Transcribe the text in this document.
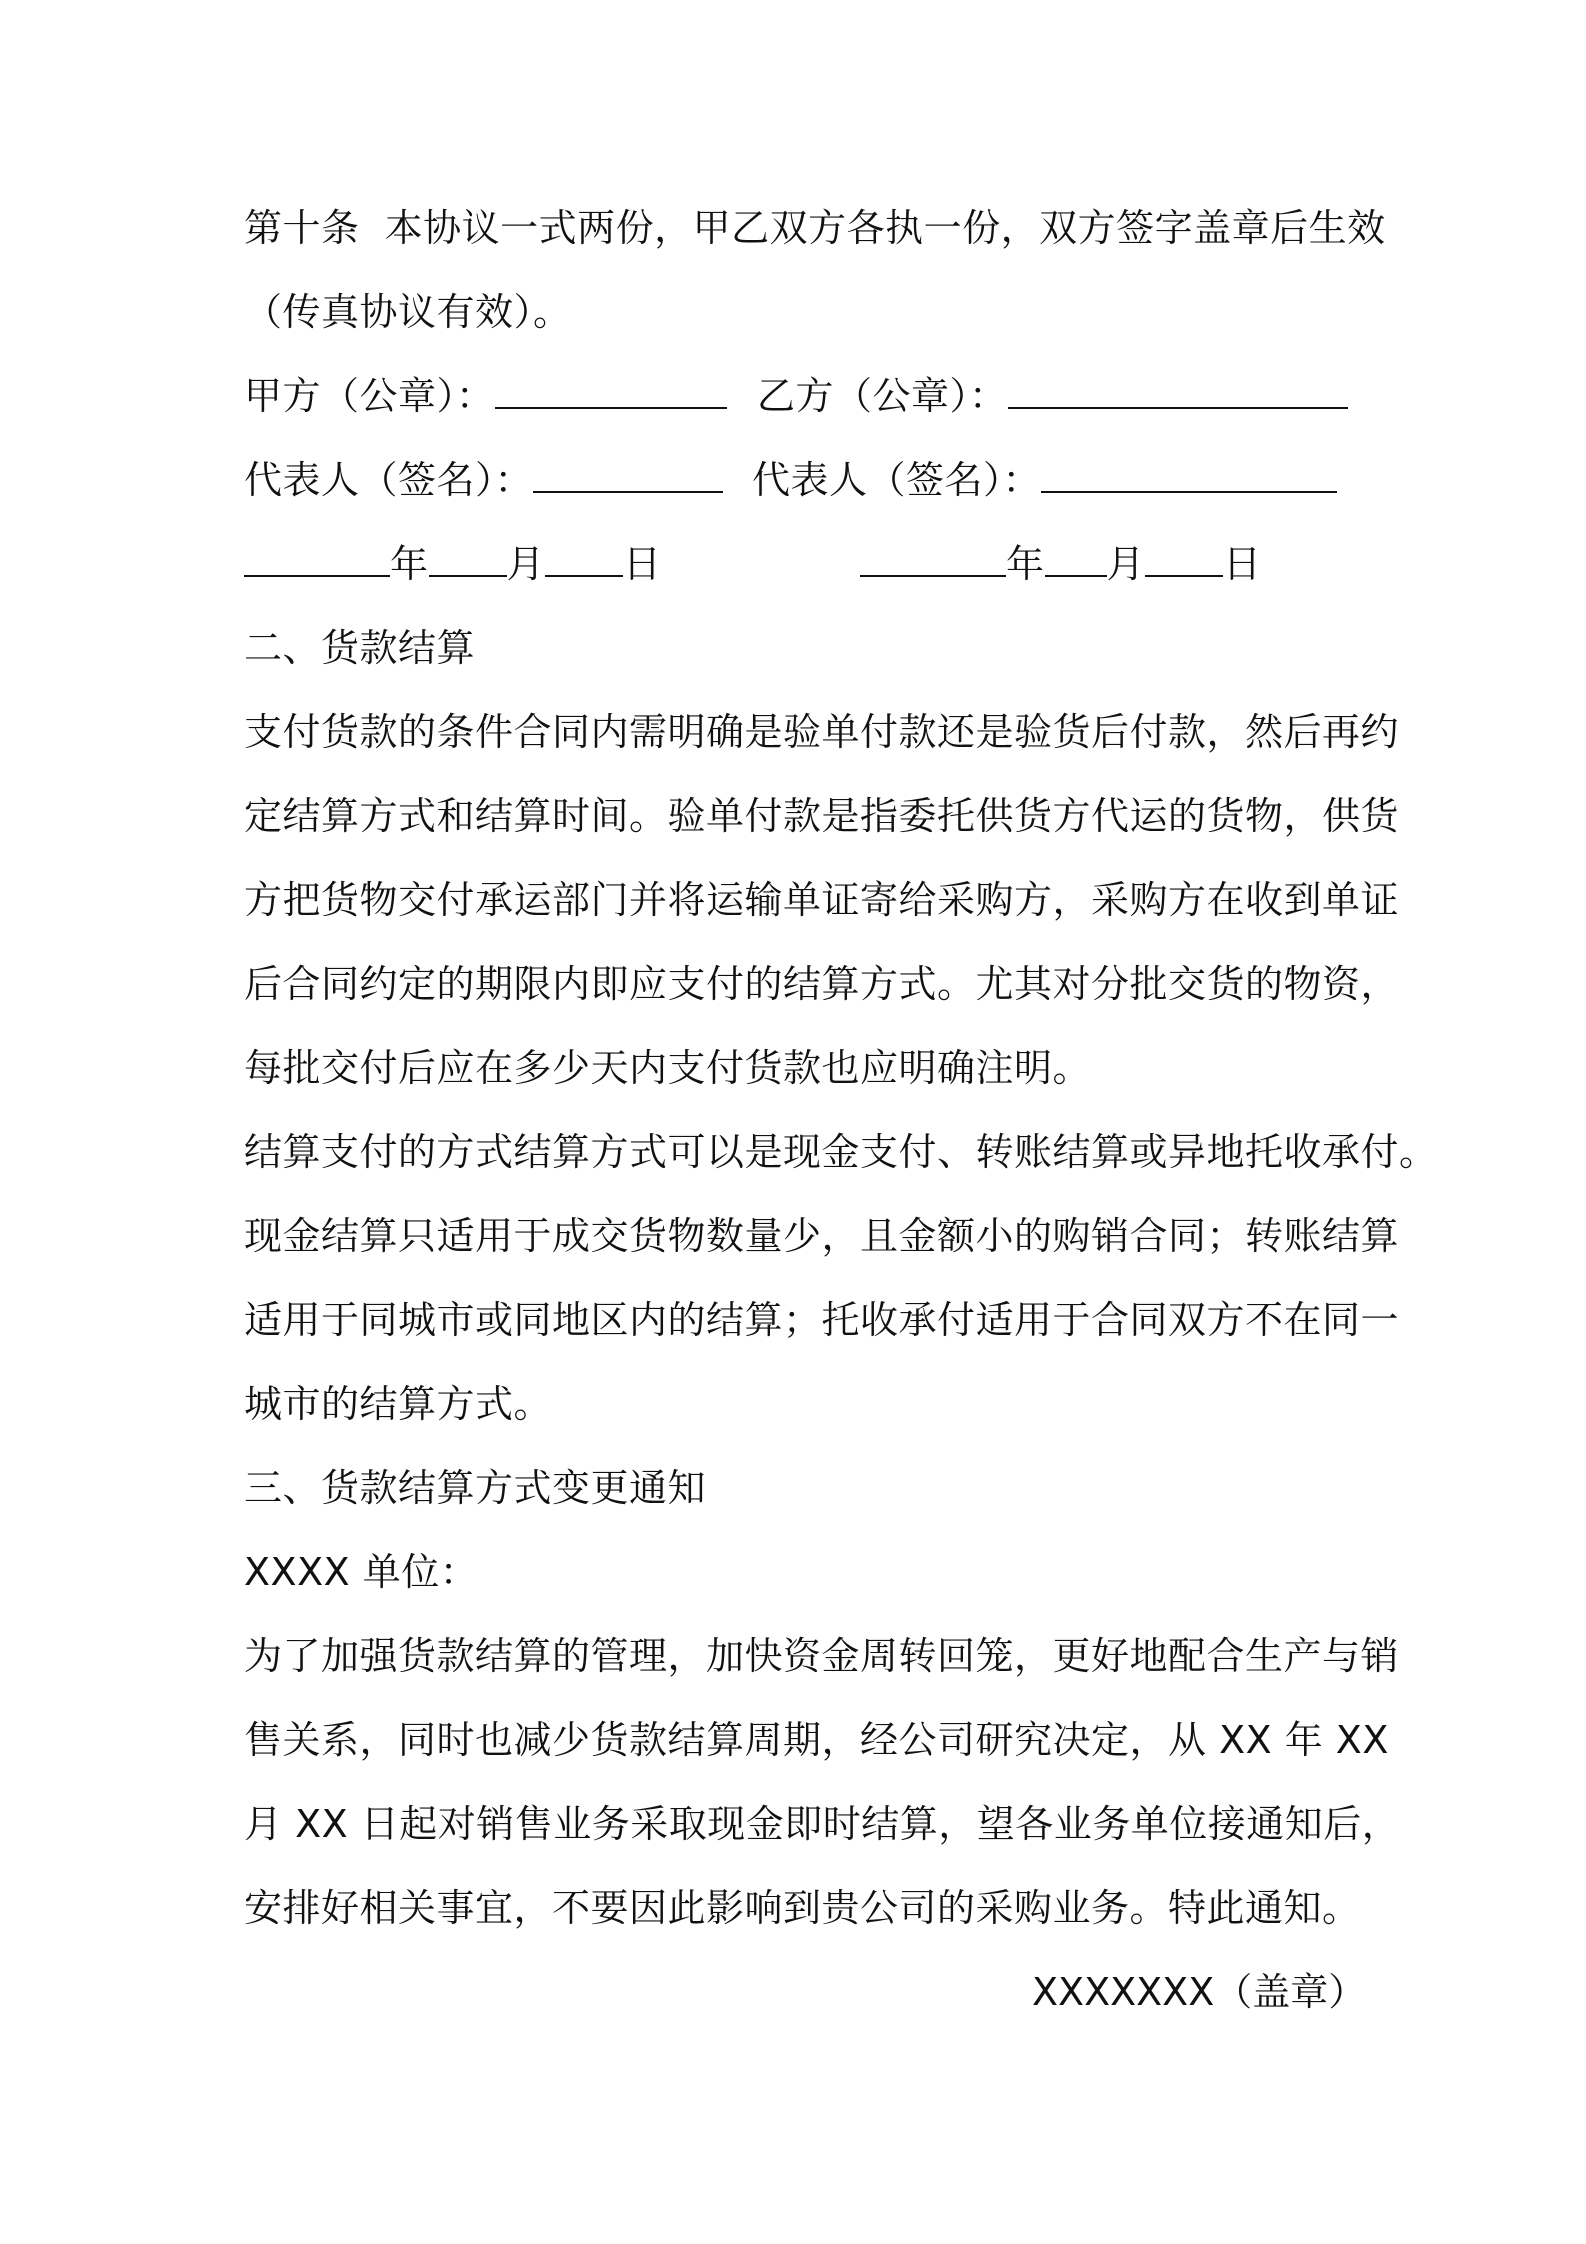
第十条  本协议一式两份，甲乙双方各执一份，双方签字盖章后生效
（传真协议有效）。
甲方（公章）：	乙方（公章）：
代表人（签名）：	代表人（签名）：
年 月 日	年 月 日
二、货款结算
支付货款的条件合同内需明确是验单付款还是验货后付款，然后再约
定结算方式和结算时间。验单付款是指委托供货方代运的货物，供货
方把货物交付承运部门并将运输单证寄给采购方，采购方在收到单证
后合同约定的期限内即应支付的结算方式。尤其对分批交货的物资，
每批交付后应在多少天内支付货款也应明确注明。
结算支付的方式结算方式可以是现金支付、转账结算或异地托收承付。
现金结算只适用于成交货物数量少，且金额小的购销合同；转账结算
适用于同城市或同地区内的结算；托收承付适用于合同双方不在同一
城市的结算方式。
三、货款结算方式变更通知
XXXX 单位：
为了加强货款结算的管理，加快资金周转回笼，更好地配合生产与销
售关系，同时也减少货款结算周期，经公司研究决定，从 XX 年 XX
月 XX 日起对销售业务采取现金即时结算，望各业务单位接通知后，
安排好相关事宜，不要因此影响到贵公司的采购业务。特此通知。
XXXXXXX（盖章）
